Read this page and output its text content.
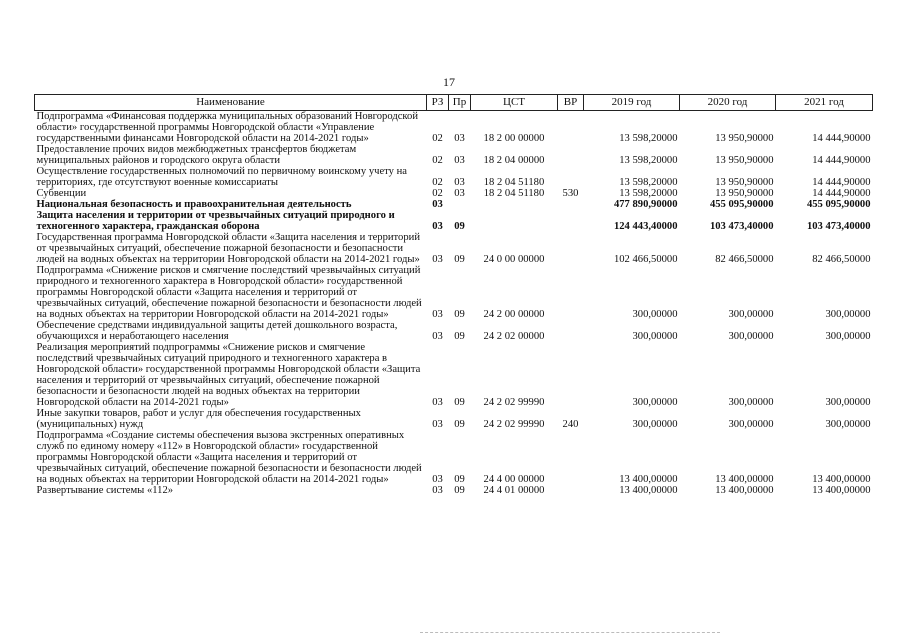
17
Наименование	РЗ	Пр	ЦСТ	ВР	2019 год	2020 год	2021 год
Подпрограмма «Финансовая поддержка муниципальных образований Новгородской области» государственной программы Новгородской области «Управление государственными финансами Новгородской области на 2014-2021 годы»	02	03	18 2 00 00000		13 598,20000	13 950,90000	14 444,90000
Предоставление прочих видов межбюджетных трансфертов бюджетам муниципальных районов и городского округа области	02	03	18 2 04 00000		13 598,20000	13 950,90000	14 444,90000
Осуществление государственных полномочий по первичному воинскому учету на территориях, где отсутствуют военные комиссариаты	02	03	18 2 04 51180		13 598,20000	13 950,90000	14 444,90000
Субвенции	02	03	18 2 04 51180	530	13 598,20000	13 950,90000	14 444,90000
Национальная безопасность и правоохранительная деятельность	03				477 890,90000	455 095,90000	455 095,90000
Защита населения и территории от чрезвычайных ситуаций природного и техногенного характера, гражданская оборона	03	09			124 443,40000	103 473,40000	103 473,40000
Государственная программа Новгородской области «Защита населения и территорий от чрезвычайных ситуаций, обеспечение пожарной безопасности и безопасности людей на водных объектах на территории Новгородской области на 2014-2021 годы»	03	09	24 0 00 00000		102 466,50000	82 466,50000	82 466,50000
Подпрограмма «Снижение рисков и смягчение последствий чрезвычайных ситуаций природного и техногенного характера в Новгородской области» государственной программы Новгородской области «Защита населения и территорий от чрезвычайных ситуаций, обеспечение пожарной безопасности и безопасности людей на водных объектах на территории Новгородской области на 2014-2021 годы»	03	09	24 2 00 00000		300,00000	300,00000	300,00000
Обеспечение средствами индивидуальной защиты детей дошкольного возраста, обучающихся и неработающего населения	03	09	24 2 02 00000		300,00000	300,00000	300,00000
Реализация мероприятий подпрограммы «Снижение рисков и смягчение последствий чрезвычайных ситуаций природного и техногенного характера в Новгородской области» государственной программы Новгородской области «Защита населения и территорий от чрезвычайных ситуаций, обеспечение пожарной безопасности и безопасности людей на водных объектах на территории Новгородской области на 2014-2021 годы»	03	09	24 2 02 99990		300,00000	300,00000	300,00000
Иные закупки товаров, работ и услуг для обеспечения государственных (муниципальных) нужд	03	09	24 2 02 99990	240	300,00000	300,00000	300,00000
Подпрограмма «Создание системы обеспечения вызова экстренных оперативных служб по единому номеру «112» в Новгородской области» государственной программы Новгородской области «Защита населения и территорий от чрезвычайных ситуаций, обеспечение пожарной безопасности и безопасности людей на водных объектах на территории Новгородской области на 2014-2021 годы»	03	09	24 4 00 00000		13 400,00000	13 400,00000	13 400,00000
Развертывание системы «112»	03	09	24 4 01 00000		13 400,00000	13 400,00000	13 400,00000
